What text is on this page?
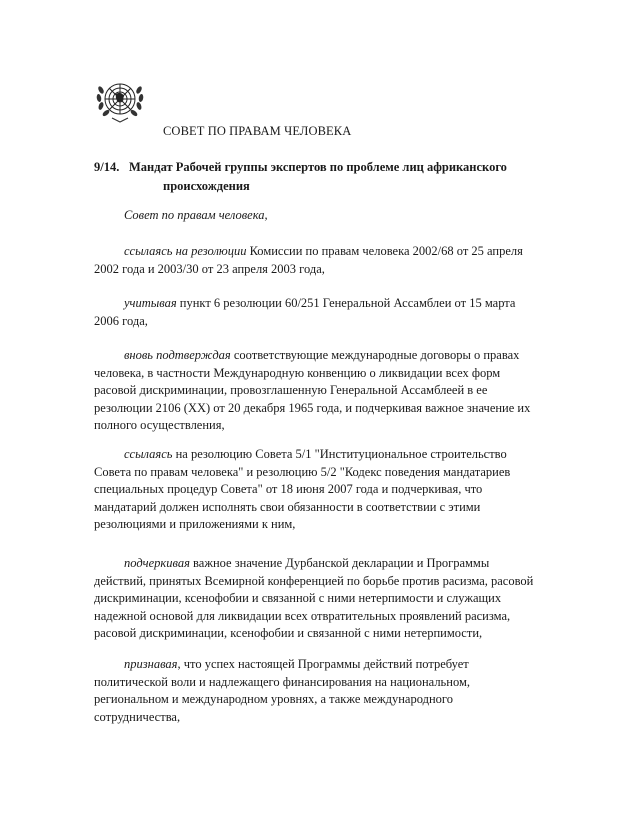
СОВЕТ ПО ПРАВАМ ЧЕЛОВЕКА
9/14. Мандат Рабочей группы экспертов по проблеме лиц африканского

происхождения
Совет по правам человека,
ссылаясь на резолюции Комиссии по правам человека 2002/68 от 25 апреля 2002 года и 2003/30 от 23 апреля 2003 года,
учитывая пункт 6 резолюции 60/251 Генеральной Ассамблеи от 15 марта 2006 года,
вновь подтверждая соответствующие международные договоры о правах человека, в частности Международную конвенцию о ликвидации всех форм расовой дискриминации, провозглашенную Генеральной Ассамблеей в ее резолюции 2106 (XX) от 20 декабря 1965 года, и подчеркивая важное значение их полного осуществления,
ссылаясь на резолюцию Совета 5/1 "Институциональное строительство Совета по правам человека" и резолюцию 5/2 "Кодекс поведения мандатариев специальных процедур Совета" от 18 июня 2007 года и подчеркивая, что мандатарий должен исполнять свои обязанности в соответствии с этими резолюциями и приложениями к ним,
подчеркивая важное значение Дурбанской декларации и Программы действий, принятых Всемирной конференцией по борьбе против расизма, расовой дискриминации, ксенофобии и связанной с ними нетерпимости и служащих надежной основой для ликвидации всех отвратительных проявлений расизма, расовой дискриминации, ксенофобии и связанной с ними нетерпимости,
признавая, что успех настоящей Программы действий потребует политической воли и надлежащего финансирования на национальном, региональном и международном уровнях, а также международного сотрудничества,
